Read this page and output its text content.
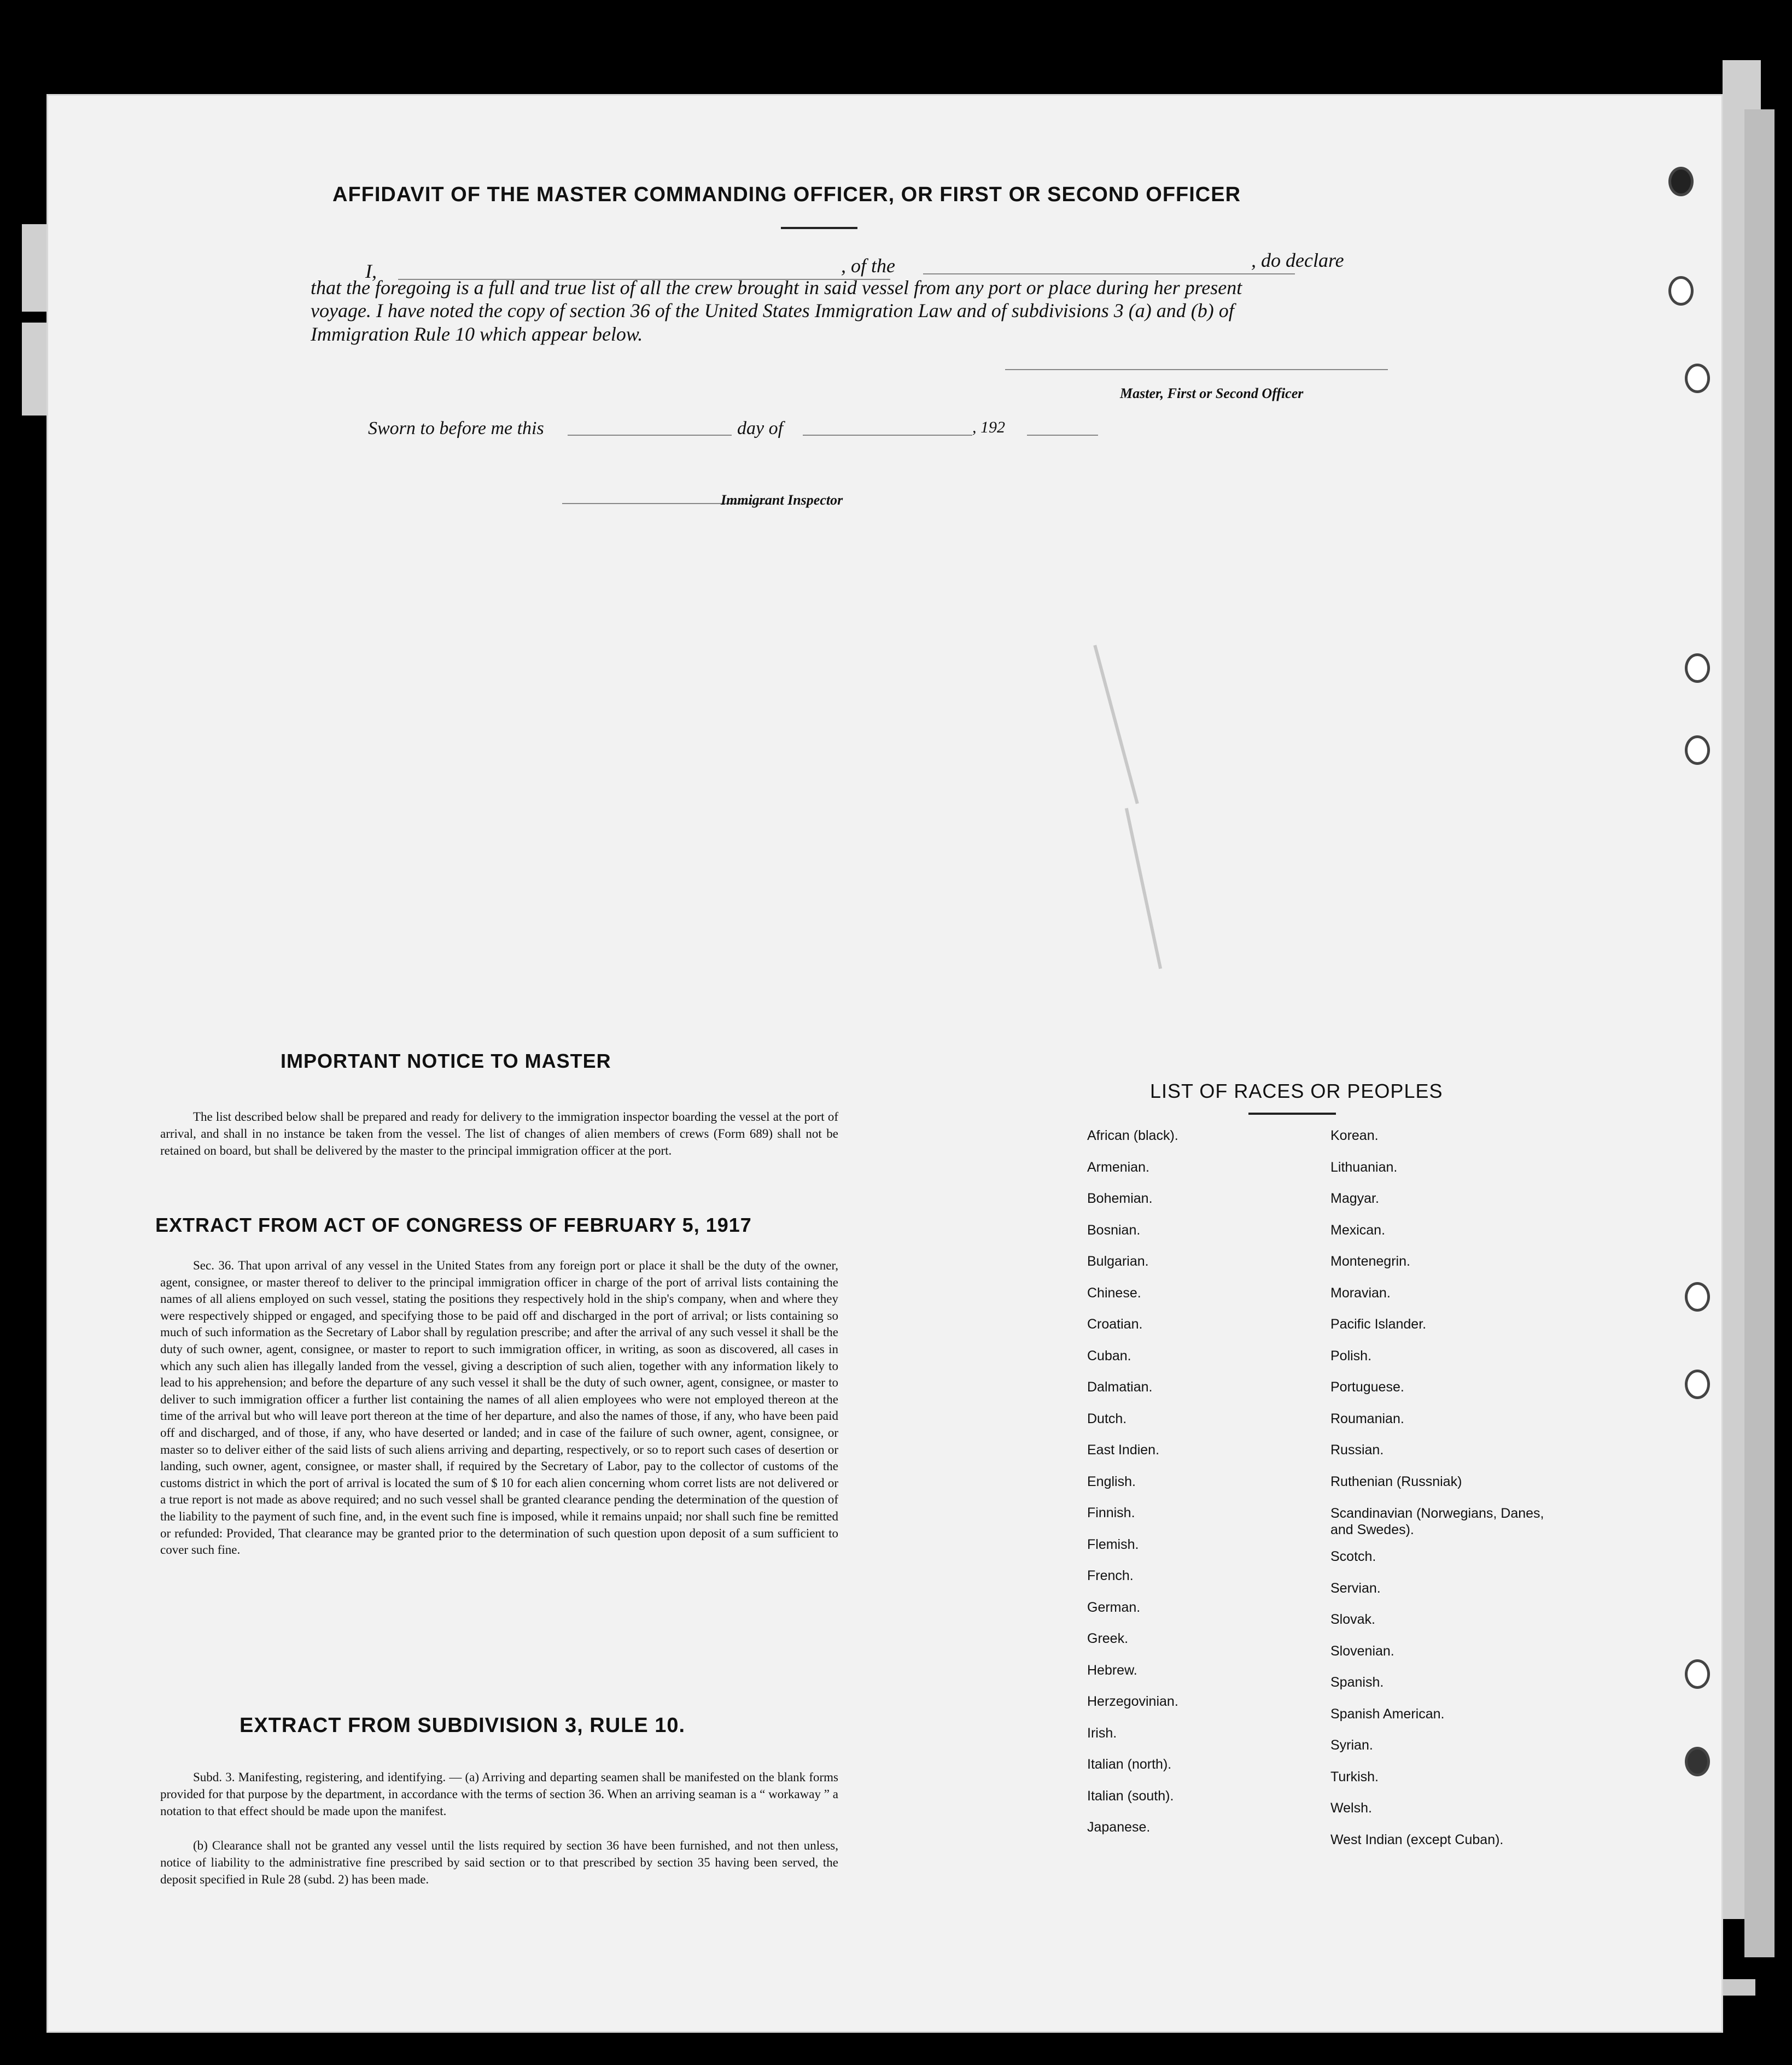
AFFIDAVIT OF THE MASTER COMMANDING OFFICER, OR FIRST OR SECOND OFFICER
I,	, of the	, do declare
that the foregoing is a full and true list of all the crew brought in said vessel from any port or place during her present
voyage. I have noted the copy of section 36 of the United States Immigration Law and of subdivisions 3 (a) and (b) of
Immigration Rule 10 which appear below.
Master, First or Second Officer
Sworn to before me this	day of	, 192
Immigrant Inspector
IMPORTANT NOTICE TO MASTER
The list described below shall be prepared and ready for delivery to the immigration inspector boarding the vessel at the port of arrival, and shall in no instance be taken from the vessel. The list of changes of alien members of crews (Form 689) shall not be retained on board, but shall be delivered by the master to the principal immigration officer at the port.
EXTRACT FROM ACT OF CONGRESS OF FEBRUARY 5, 1917
Sec. 36. That upon arrival of any vessel in the United States from any foreign port or place it shall be the duty of the owner, agent, consignee, or master thereof to deliver to the principal immigration officer in charge of the port of arrival lists containing the names of all aliens employed on such vessel, stating the positions they respectively hold in the ship's company, when and where they were respectively shipped or engaged, and specifying those to be paid off and discharged in the port of arrival; or lists containing so much of such information as the Secretary of Labor shall by regulation prescribe; and after the arrival of any such vessel it shall be the duty of such owner, agent, consignee, or master to report to such immigration officer, in writing, as soon as discovered, all cases in which any such alien has illegally landed from the vessel, giving a description of such alien, together with any information likely to lead to his apprehension; and before the departure of any such vessel it shall be the duty of such owner, agent, consignee, or master to deliver to such immigration officer a further list containing the names of all alien employees who were not employed thereon at the time of the arrival but who will leave port thereon at the time of her departure, and also the names of those, if any, who have been paid off and discharged, and of those, if any, who have deserted or landed; and in case of the failure of such owner, agent, consignee, or master so to deliver either of the said lists of such aliens arriving and departing, respectively, or so to report such cases of desertion or landing, such owner, agent, consignee, or master shall, if required by the Secretary of Labor, pay to the collector of customs of the customs district in which the port of arrival is located the sum of $ 10 for each alien concerning whom corret lists are not delivered or a true report is not made as above required; and no such vessel shall be granted clearance pending the determination of the question of the liability to the payment of such fine, and, in the event such fine is imposed, while it remains unpaid; nor shall such fine be remitted or refunded: Provided, That clearance may be granted prior to the determination of such question upon deposit of a sum sufficient to cover such fine.
EXTRACT FROM SUBDIVISION 3, RULE 10.
Subd. 3. Manifesting, registering, and identifying. — (a) Arriving and departing seamen shall be manifested on the blank forms provided for that purpose by the department, in accordance with the terms of section 36. When an arriving seaman is a “ workaway ” a notation to that effect should be made upon the manifest.
(b) Clearance shall not be granted any vessel until the lists required by section 36 have been furnished, and not then unless, notice of liability to the administrative fine prescribed by said section or to that prescribed by section 35 having been served, the deposit specified in Rule 28 (subd. 2) has been made.
LIST OF RACES OR PEOPLES
African (black).
Armenian.
Bohemian.
Bosnian.
Bulgarian.
Chinese.
Croatian.
Cuban.
Dalmatian.
Dutch.
East Indien.
English.
Finnish.
Flemish.
French.
German.
Greek.
Hebrew.
Herzegovinian.
Irish.
Italian (north).
Italian (south).
Japanese.
Korean.
Lithuanian.
Magyar.
Mexican.
Montenegrin.
Moravian.
Pacific Islander.
Polish.
Portuguese.
Roumanian.
Russian.
Ruthenian (Russniak)
Scandinavian (Norwegians, Danes, and Swedes).
Scotch.
Servian.
Slovak.
Slovenian.
Spanish.
Spanish American.
Syrian.
Turkish.
Welsh.
West Indian (except Cuban).
